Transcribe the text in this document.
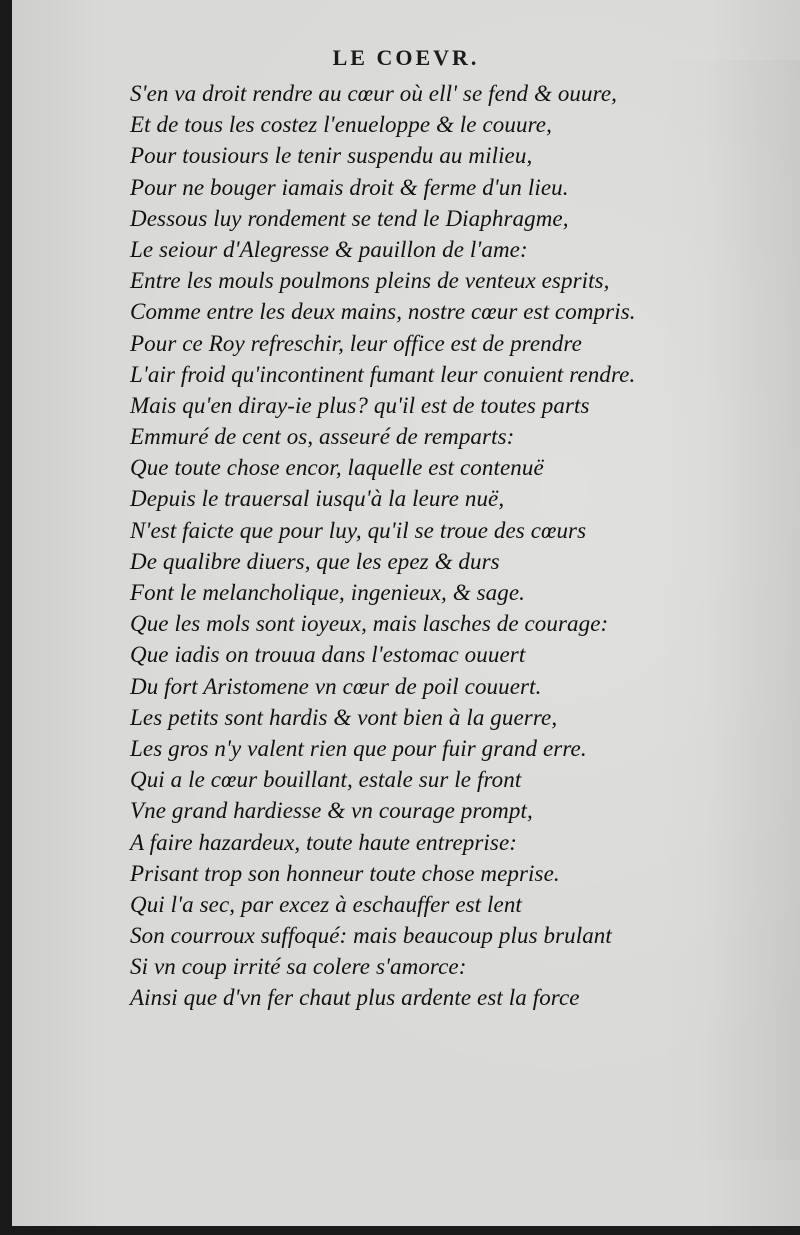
LE COEVR.
S'en va droit rendre au cœur où ell' se fend & ouure,
Et de tous les costez l'enueloppe & le couure,
Pour tousiours le tenir suspendu au milieu,
Pour ne bouger iamais droit & ferme d'un lieu.
Dessous luy rondement se tend le Diaphragme,
Le seiour d'Alegresse & pauillon de l'ame:
Entre les mouls poulmons pleins de venteux esprits,
Comme entre les deux mains, nostre cœur est compris.
Pour ce Roy refreschir, leur office est de prendre
L'air froid qu'incontinent fumant leur conuient rendre.
Mais qu'en diray-ie plus? qu'il est de toutes parts
Emmuré de cent os, asseuré de remparts:
Que toute chose encor, laquelle est contenuë
Depuis le trauersal iusqu'à la leure nuë,
N'est faicte que pour luy, qu'il se troue des cœurs
De qualibre diuers, que les epez & durs
Font le melancholique, ingenieux, & sage.
Que les mols sont ioyeux, mais lasches de courage:
Que iadis on trouua dans l'estomac ouuert
Du fort Aristomene vn cœur de poil couuert.
Les petits sont hardis & vont bien à la guerre,
Les gros n'y valent rien que pour fuir grand erre.
Qui a le cœur bouillant, estale sur le front
Vne grand hardiesse & vn courage prompt,
A faire hazardeux, toute haute entreprise:
Prisant trop son honneur toute chose meprise.
Qui l'a sec, par excez à eschauffer est lent
Son courroux suffoqué: mais beaucoup plus brulant
Si vn coup irrité sa colere s'amorce:
Ainsi que d'vn fer chaut plus ardente est la force
